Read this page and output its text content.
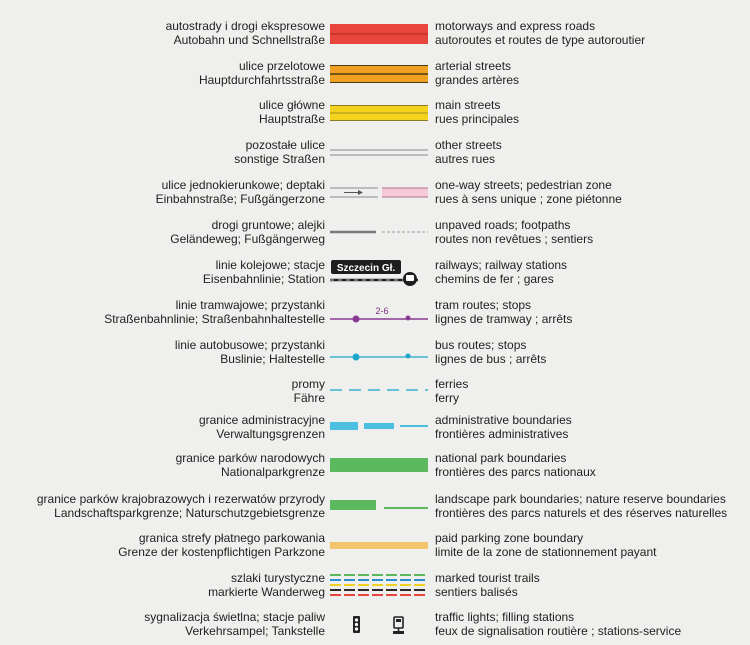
autostrady i drogi ekspresowe
Autobahn und Schnellstraße
motorways and express roads
autoroutes et routes de type autoroutier
ulice przelotowe
Hauptdurchfahrtsstraße
arterial streets
grandes artères
ulice główne
Hauptstraße
main streets
rues principales
pozostałe ulice
sonstige Straßen
other streets
autres rues
ulice jednokierunkowe; deptaki
Einbahnstraße; Fußgängerzone
one-way streets; pedestrian zone
rues à sens unique ; zone piétonne
drogi gruntowe; alejki
Geländeweg; Fußgängerweg
unpaved roads; footpaths
routes non revêtues ; sentiers
linie kolejowe; stacje
Eisenbahnlinie; Station
Szczecin Gł.	railways; railway stations
chemins de fer ; gares
linie tramwajowe; przystanki
Straßenbahnlinie; Straßenbahnhaltestelle
2-6	tram routes; stops
lignes de tramway ; arrêts
linie autobusowe; przystanki
Buslinie; Haltestelle
bus routes; stops
lignes de bus ; arrêts
promy
Fähre
ferries
ferry
granice administracyjne
Verwaltungsgrenzen
administrative boundaries
frontières administratives
granice parków narodowych
Nationalparkgrenze
national park boundaries
frontières des parcs nationaux
granice parków krajobrazowych i rezerwatów przyrody
Landschaftsparkgrenze; Naturschutzgebietsgrenze
landscape park boundaries; nature reserve boundaries
frontières des parcs naturels et des réserves naturelles
granica strefy płatnego parkowania
Grenze der kostenpflichtigen Parkzone
paid parking zone boundary
limite de la zone de stationnement payant
szlaki turystyczne
markierte Wanderweg
marked tourist trails
sentiers balisés
sygnalizacja świetlna; stacje paliw
Verkehrsampel; Tankstelle
traffic lights; filling stations
feux de signalisation routière ; stations-service
